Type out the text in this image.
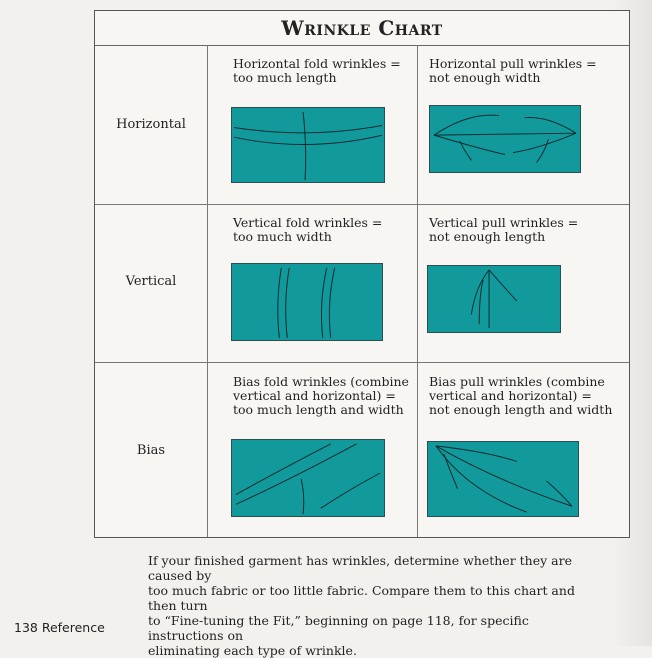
Wrinkle Chart
Horizontal
Horizontal fold wrinkles =
too much length
Horizontal pull wrinkles =
not enough width
Vertical
Vertical fold wrinkles =
too much width
Vertical pull wrinkles =
not enough length
Bias
Bias fold wrinkles (combine
vertical and horizontal) =
too much length and width
Bias pull wrinkles (combine
vertical and horizontal) =
not enough length and width
If your finished garment has wrinkles, determine whether they are caused by
too much fabric or too little fabric. Compare them to this chart and then turn
to “Fine-tuning the Fit,” beginning on page 118, for specific instructions on
eliminating each type of wrinkle.
138 Reference
